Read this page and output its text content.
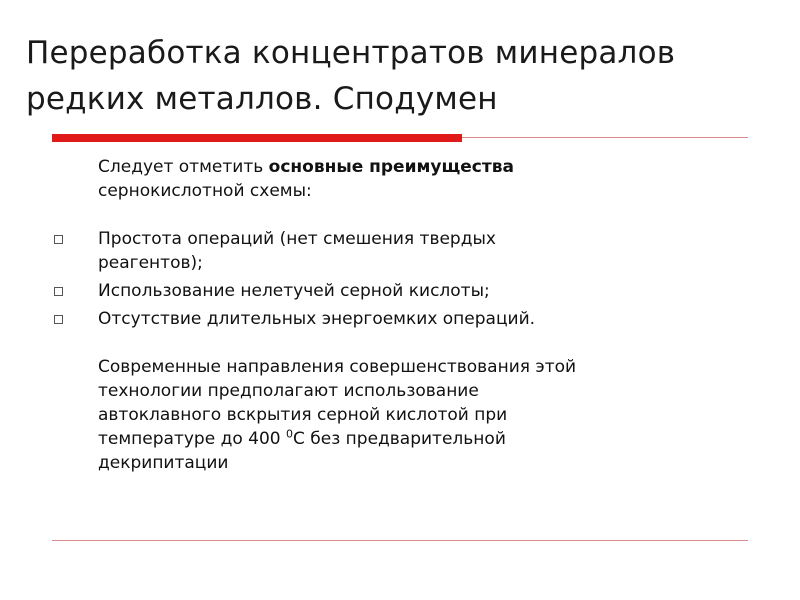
Переработка концентратов минералов
редких металлов. Сподумен
Следует отметить основные преимущества
сернокислотной схемы:
Простота операций (нет смешения твердых
реагентов);
Использование нелетучей серной кислоты;
Отсутствие длительных энергоемких операций.
Современные направления совершенствования этой
технологии предполагают использование
автоклавного вскрытия серной кислотой при
температуре до 400 $^0$С без предварительной
декрипитации
